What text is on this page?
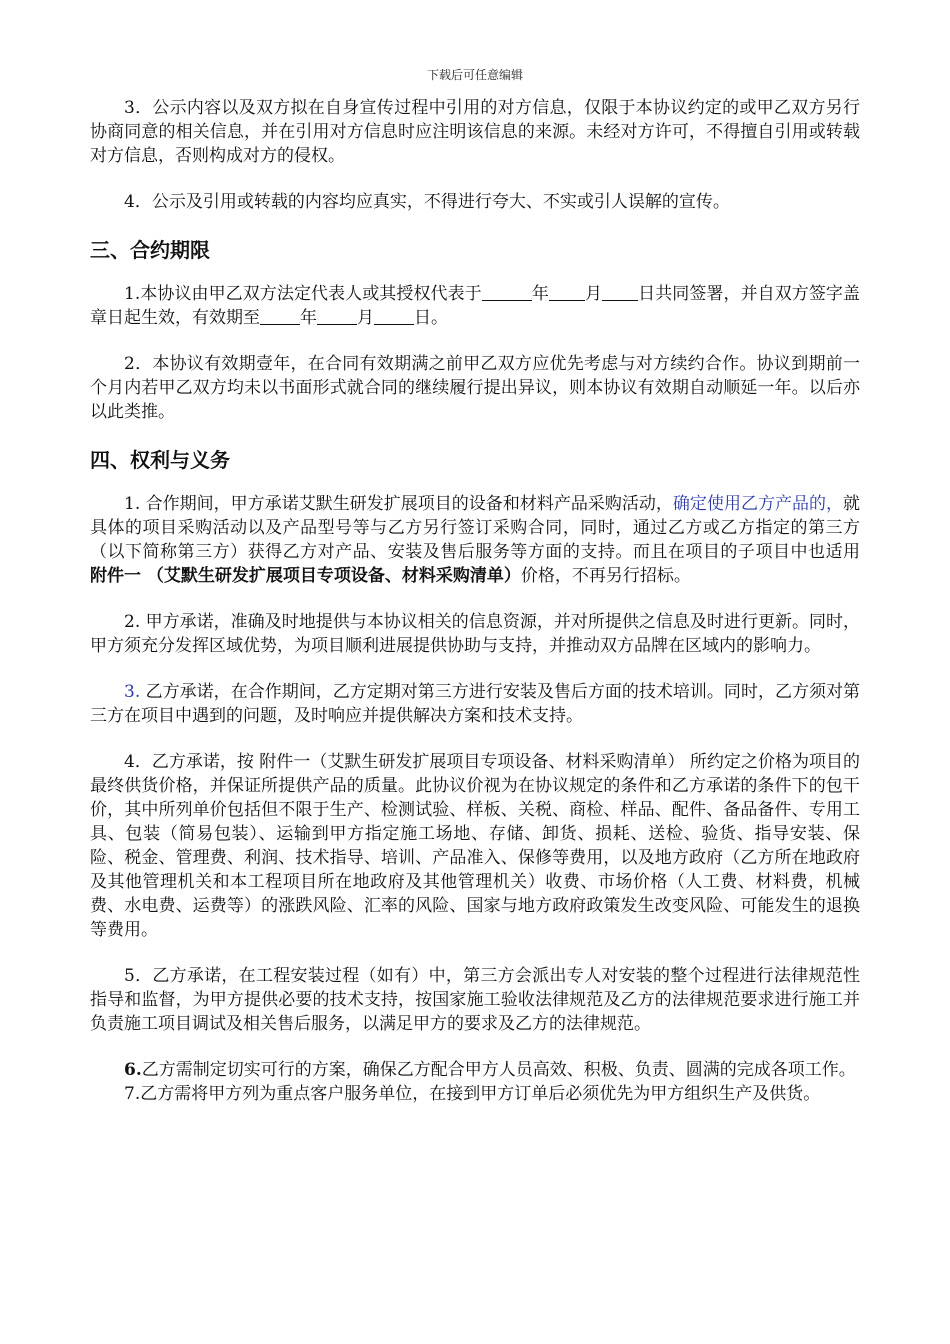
下载后可任意编辑

3．公示内容以及双方拟在自身宣传过程中引用的对方信息，仅限于本协议约定的或甲乙双方另行协商同意的相关信息，并在引用对方信息时应注明该信息的来源。未经对方许可，不得擅自引用或转载对方信息，否则构成对方的侵权。

4．公示及引用或转载的内容均应真实，不得进行夸大、不实或引人误解的宣传。

三、合约期限

1.本协议由甲乙双方法定代表人或其授权代表于	年 月 日共同签署，并自双方签字盖章日起生效，有效期至 年 月 日。

2．本协议有效期壹年，在合同有效期满之前甲乙双方应优先考虑与对方续约合作。协议到期前一个月内若甲乙双方均未以书面形式就合同的继续履行提出异议，则本协议有效期自动顺延一年。以后亦以此类推。

四、权利与义务

1. 合作期间，甲方承诺艾默生研发扩展项目的设备和材料产品采购活动，确定使用乙方产品的，就具体的项目采购活动以及产品型号等与乙方另行签订采购合同，同时，通过乙方或乙方指定的第三方（以下简称第三方）获得乙方对产品、安装及售后服务等方面的支持。而且在项目的子项目中也适用 附件一 （艾默生研发扩展项目专项设备、材料采购清单）价格，不再另行招标。

2. 甲方承诺，准确及时地提供与本协议相关的信息资源，并对所提供之信息及时进行更新。同时，甲方须充分发挥区域优势，为项目顺利进展提供协助与支持，并推动双方品牌在区域内的影响力。

3. 乙方承诺，在合作期间，乙方定期对第三方进行安装及售后方面的技术培训。同时，乙方须对第三方在项目中遇到的问题，及时响应并提供解决方案和技术支持。

4．乙方承诺，按 附件一（艾默生研发扩展项目专项设备、材料采购清单） 所约定之价格为项目的最终供货价格，并保证所提供产品的质量。此协议价视为在协议规定的条件和乙方承诺的条件下的包干价，其中所列单价包括但不限于生产、检测试验、样板、关税、商检、样品、配件、备品备件、专用工具、包装（简易包装）、运输到甲方指定施工场地、存储、卸货、损耗、送检、验货、指导安装、保险、税金、管理费、利润、技术指导、培训、产品准入、保修等费用，以及地方政府（乙方所在地政府及其他管理机关和本工程项目所在地政府及其他管理机关）收费、市场价格（人工费、材料费，机械费、水电费、运费等）的涨跌风险、汇率的风险、国家与地方政府政策发生改变风险、可能发生的退换等费用。

5．乙方承诺，在工程安装过程（如有）中，第三方会派出专人对安装的整个过程进行法律规范性指导和监督，为甲方提供必要的技术支持，按国家施工验收法律规范及乙方的法律规范要求进行施工并负责施工项目调试及相关售后服务，以满足甲方的要求及乙方的法律规范。

6.乙方需制定切实可行的方案，确保乙方配合甲方人员高效、积极、负责、圆满的完成各项工作。

7.乙方需将甲方列为重点客户服务单位，在接到甲方订单后必须优先为甲方组织生产及供货。
